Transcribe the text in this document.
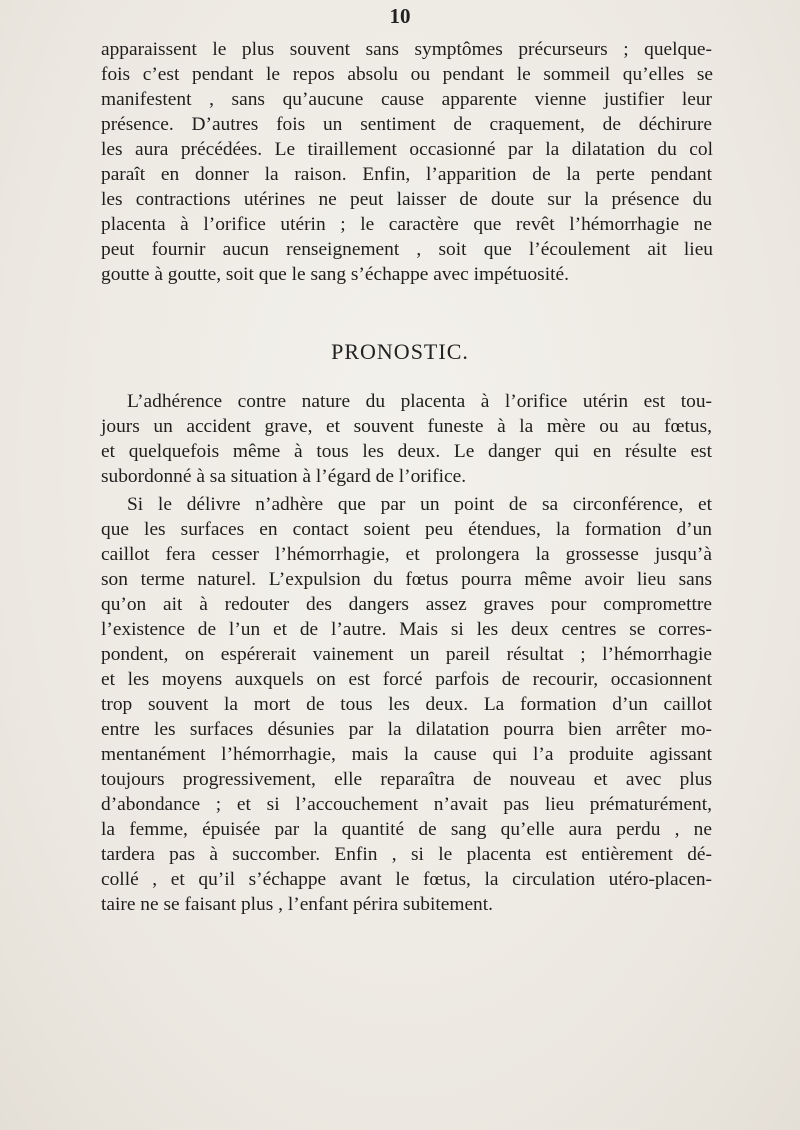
10

apparaissent le plus souvent sans symptômes précurseurs ; quelque-

fois c’est pendant le repos absolu ou pendant le sommeil qu’elles se

manifestent , sans qu’aucune cause apparente vienne justifier leur

présence. D’autres fois un sentiment de craquement, de déchirure

les aura précédées. Le tiraillement occasionné par la dilatation du col

paraît en donner la raison. Enfin, l’apparition de la perte pendant

les contractions utérines ne peut laisser de doute sur la présence du

placenta à l’orifice utérin ; le caractère que revêt l’hémorrhagie ne

peut fournir aucun renseignement , soit que l’écoulement ait lieu

goutte à goutte, soit que le sang s’échappe avec impétuosité.

PRONOSTIC.

L’adhérence contre nature du placenta à l’orifice utérin est tou-

jours un accident grave, et souvent funeste à la mère ou au fœtus,

et quelquefois même à tous les deux. Le danger qui en résulte est

subordonné à sa situation à l’égard de l’orifice.

Si le délivre n’adhère que par un point de sa circonférence, et

que les surfaces en contact soient peu étendues, la formation d’un

caillot fera cesser l’hémorrhagie, et prolongera la grossesse jusqu’à

son terme naturel. L’expulsion du fœtus pourra même avoir lieu sans

qu’on ait à redouter des dangers assez graves pour compromettre

l’existence de l’un et de l’autre. Mais si les deux centres se corres-

pondent, on espérerait vainement un pareil résultat ; l’hémorrhagie

et les moyens auxquels on est forcé parfois de recourir, occasionnent

trop souvent la mort de tous les deux. La formation d’un caillot

entre les surfaces désunies par la dilatation pourra bien arrêter mo-

mentanément l’hémorrhagie, mais la cause qui l’a produite agissant

toujours progressivement, elle reparaîtra de nouveau et avec plus

d’abondance ; et si l’accouchement n’avait pas lieu prématurément,

la femme, épuisée par la quantité de sang qu’elle aura perdu , ne

tardera pas à succomber. Enfin , si le placenta est entièrement dé-

collé , et qu’il s’échappe avant le fœtus, la circulation utéro-placen-

taire ne se faisant plus , l’enfant périra subitement.
